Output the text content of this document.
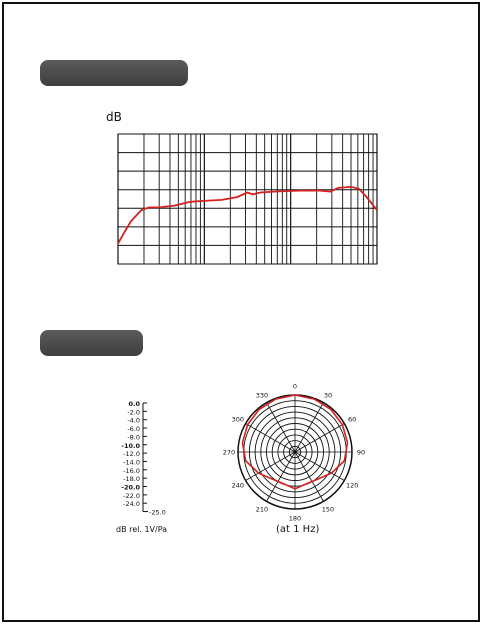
dB
0.0
-2.0
-4.0
-6.0
-8.0
-10.0
-12.0
-14.0
-16.0
-18.0
-20.0
-22.0
-24.0
-25.0
0
30
60
90
120
150
180
210
240
270
300
330
dB rel. 1V/Pa	(at 1 Hz)
